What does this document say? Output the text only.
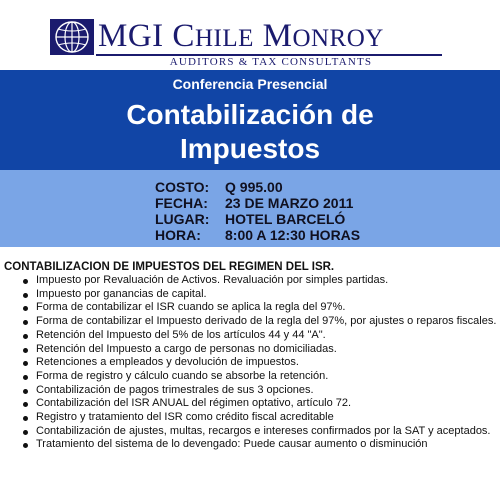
MGI CHILE MONROY
AUDITORS & TAX CONSULTANTS
Conferencia Presencial
Contabilización de
Impuestos
COSTO: Q 995.00
FECHA: 23 DE MARZO 2011
LUGAR: HOTEL BARCELÓ
HORA: 8:00 A 12:30 HORAS
CONTABILIZACION DE IMPUESTOS DEL REGIMEN DEL ISR.
Impuesto por Revaluación de Activos. Revaluación por simples partidas.
Impuesto por ganancias de capital.
Forma de contabilizar el ISR cuando se aplica la regla del 97%.
Forma de contabilizar el Impuesto derivado de la regla del 97%, por ajustes o reparos fiscales.
Retención del Impuesto del 5% de los artículos 44 y 44 "A".
Retención del Impuesto a cargo de personas no domiciliadas.
Retenciones a empleados y devolución de impuestos.
Forma de registro y cálculo cuando se absorbe la retención.
Contabilización de pagos trimestrales de sus 3 opciones.
Contabilización del ISR ANUAL del régimen optativo, artículo 72.
Registro y tratamiento del ISR como crédito fiscal acreditable
Contabilización de ajustes, multas, recargos e intereses confirmados por la SAT y aceptados.
Tratamiento del sistema de lo devengado: Puede causar aumento o disminución
